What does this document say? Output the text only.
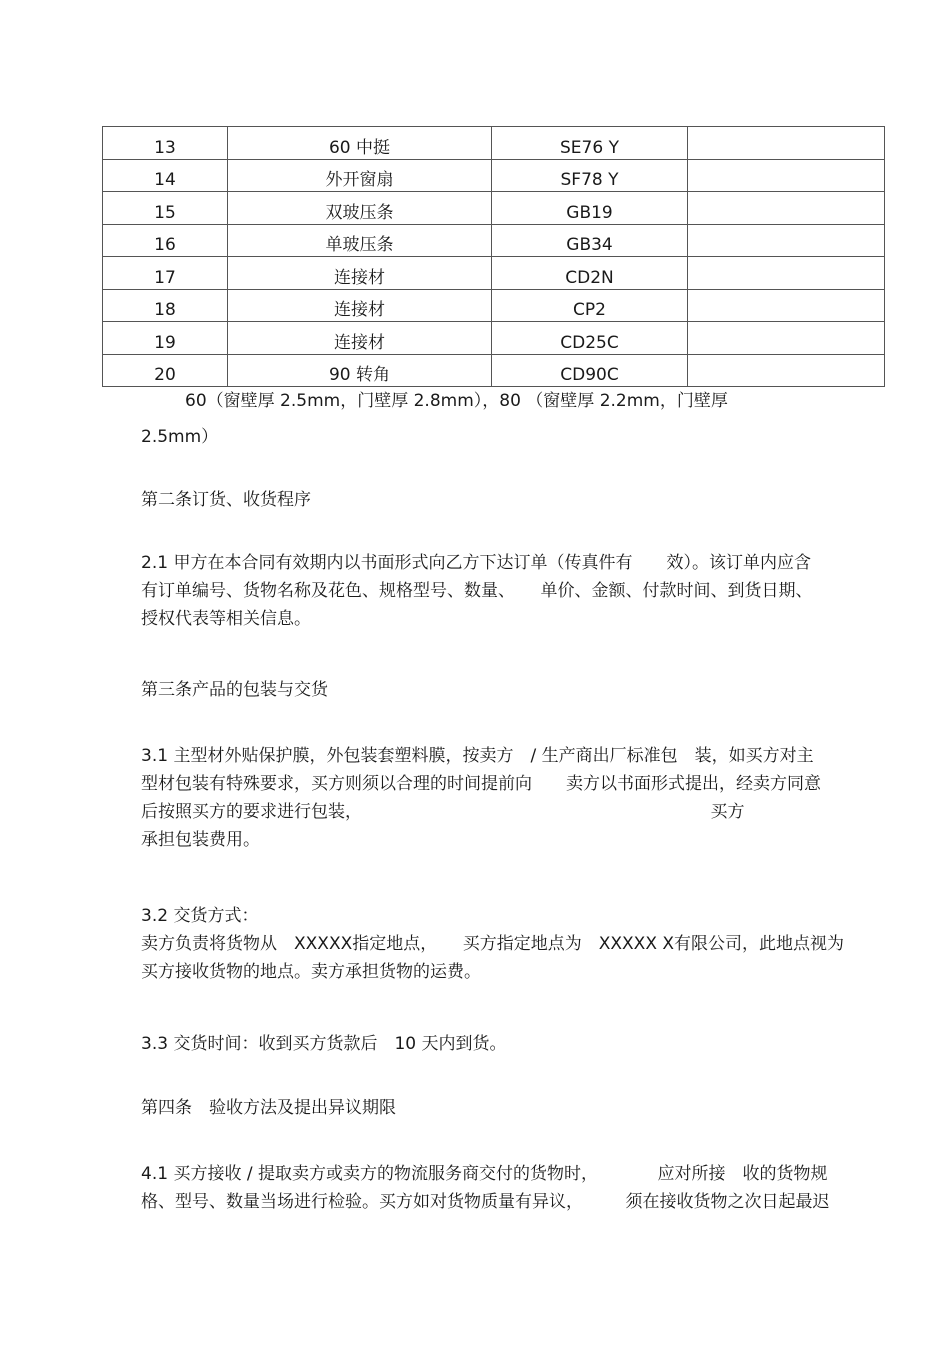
13	60 中挺	SE76 Y	
14	外开窗扇	SF78 Y	
15	双玻压条	GB19	
16	单玻压条	GB34	
17	连接材	CD2N	
18	连接材	CP2	
19	连接材	CD25C	
20	90 转角	CD90C	
60（窗壁厚 2.5mm，门壁厚 2.8mm），80 （窗壁厚 2.2mm，门壁厚
2.5mm）
第二条订货、收货程序
2.1 甲方在本合同有效期内以书面形式向乙方下达订单（传真件有　　效）。该订单内应含
有订单编号、货物名称及花色、规格型号、数量、　　单价、金额、付款时间、到货日期、
授权代表等相关信息。
第三条产品的包装与交货
3.1 主型材外贴保护膜，外包装套塑料膜，按卖方　/ 生产商出厂标准包　装，如买方对主
型材包装有特殊要求，买方则须以合理的时间提前向　　卖方以书面形式提出，经卖方同意
后按照买方的要求进行包装，　　　　　　　　　　　　　　　　　　　　　买方
承担包装费用。
3.2 交货方式：
卖方负责将货物从　XXXXX指定地点，　　买方指定地点为　XXXXX X有限公司，此地点视为
买方接收货物的地点。卖方承担货物的运费。
3.3 交货时间：收到买方货款后　10 天内到货。
第四条　验收方法及提出异议期限
4.1 买方接收 / 提取卖方或卖方的物流服务商交付的货物时，　　　　应对所接　收的货物规
格、型号、数量当场进行检验。买方如对货物质量有异议，　　　须在接收货物之次日起最迟
